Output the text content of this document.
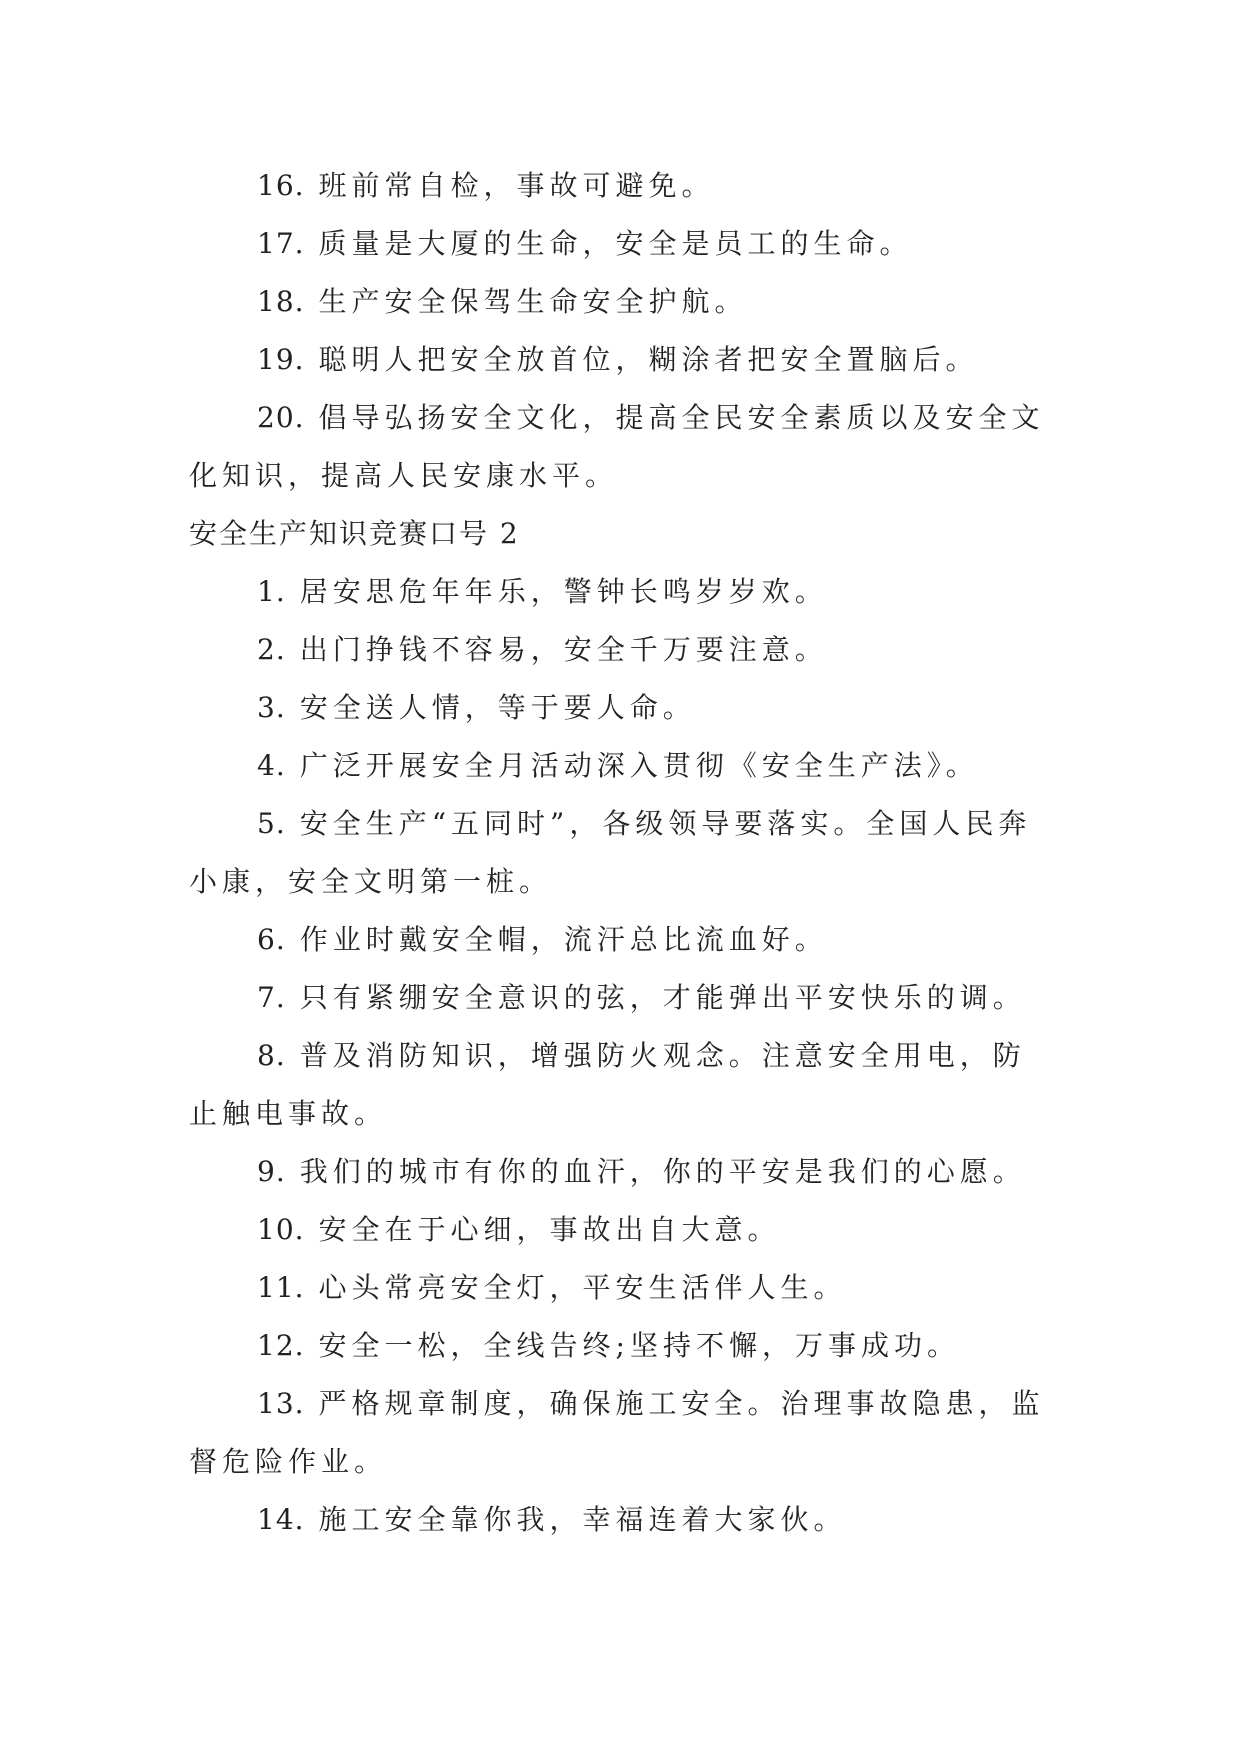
16. 班前常自检，事故可避免。

17. 质量是大厦的生命，安全是员工的生命。

18. 生产安全保驾生命安全护航。

19. 聪明人把安全放首位，糊涂者把安全置脑后。

20. 倡导弘扬安全文化，提高全民安全素质以及安全文化知识，提高人民安康水平。

安全生产知识竞赛口号 2

1. 居安思危年年乐，警钟长鸣岁岁欢。

2. 出门挣钱不容易，安全千万要注意。

3. 安全送人情，等于要人命。

4. 广泛开展安全月活动深入贯彻《安全生产法》。

5. 安全生产“五同时”，各级领导要落实。全国人民奔小康，安全文明第一桩。

6. 作业时戴安全帽，流汗总比流血好。

7. 只有紧绷安全意识的弦，才能弹出平安快乐的调。

8. 普及消防知识，增强防火观念。注意安全用电，防止触电事故。

9. 我们的城市有你的血汗，你的平安是我们的心愿。

10. 安全在于心细，事故出自大意。

11. 心头常亮安全灯，平安生活伴人生。

12. 安全一松，全线告终;坚持不懈，万事成功。

13. 严格规章制度，确保施工安全。治理事故隐患，监督危险作业。

14. 施工安全靠你我，幸福连着大家伙。
